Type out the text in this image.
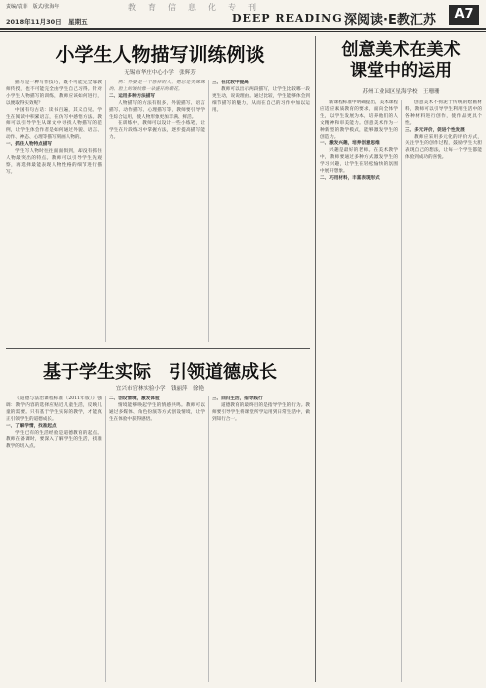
责编/袁菲　版式/张海年
2018年11月30日　星期五
教育信息化专刊
DEEP READING 深阅读·E教汇苏	A7
小学生人物描写训练例谈
无锡市华庄中心小学　张辉芳

描写是一种写作技巧，既不可能完全靠教师传授，也不可能完全由学生自己习得。针对小学生人物描写的训练，教师应该如何进行，以便取得实效呢？

中国有句古话：读书百遍，其义自见。学生在阅读中积累语言，在仿写中感悟方法。教师可以引导学生从课文中寻找人物描写的范例，让学生体会作者是如何通过外貌、语言、动作、神态、心理等描写刻画人物的。

一、抓住人物特点描写

学生写人物时往往面面俱到，却没有抓住人物最突出的特点。教师可以引导学生先观察，再选择最能表现人物性格的细节进行描写。

例：外婆是一个慈祥的人，她总是笑眯眯的，脸上的皱纹像一朵盛开的菊花。

二、运用多种方法描写

人物描写的方法有很多，外貌描写、语言描写、动作描写、心理描写等，教师要引导学生综合运用，使人物形象更加丰满、鲜活。

在训练中，教师可以设计一些小练笔，让学生在片段练习中掌握方法，逐步提高描写能力。

三、在比较中提高

教师可以出示两段描写，让学生比较哪一段更生动，说说理由。通过比较，学生能够体会到细节描写的魅力，从而在自己的习作中加以运用。

基于学生实际　引领道德成长
宜兴市官林实验小学　钱丽萍　徐艳

《道德与法治课程标准（2011年版）》强调：教学内容的选择应贴近儿童生活，反映儿童的需要。只有基于学生实际的教学，才能真正引领学生的道德成长。

一、了解学情，找准起点

学生已有的生活经验是道德教育的起点。教师在备课时，要深入了解学生的生活，找准教学的切入点。

二、创设情境，激发体验

情境能够唤起学生的情感共鸣。教师可以通过多媒体、角色扮演等方式创设情境，让学生在体验中获得感悟。

三、回归生活，指导践行

道德教育的最终目的是指导学生的行为。教师要引导学生将课堂所学运用到日常生活中，做到知行合一。

创意美术在美术
课堂中的运用
苏州工业园区星海学校　王珊珊

新课程标准中明确提出，美术课程应适应素质教育的要求，面向全体学生，以学生发展为本，培养他们的人文精神和审美能力。创意美术作为一种新型的教学模式，能够激发学生的创造力。

一、激发兴趣，培养创意思维

兴趣是最好的老师。在美术教学中，教师要通过多种方式激发学生的学习兴趣，让学生在轻松愉快的氛围中展开想象。

二、巧用材料，丰富表现形式

创意美术不拘泥于传统的绘画材料，教师可以引导学生利用生活中的各种材料进行创作，使作品更具个性。

三、多元评价，促进个性发展

教师应采用多元化的评价方式，关注学生的创作过程，鼓励学生大胆表现自己的想法，让每一个学生都能体验到成功的喜悦。
